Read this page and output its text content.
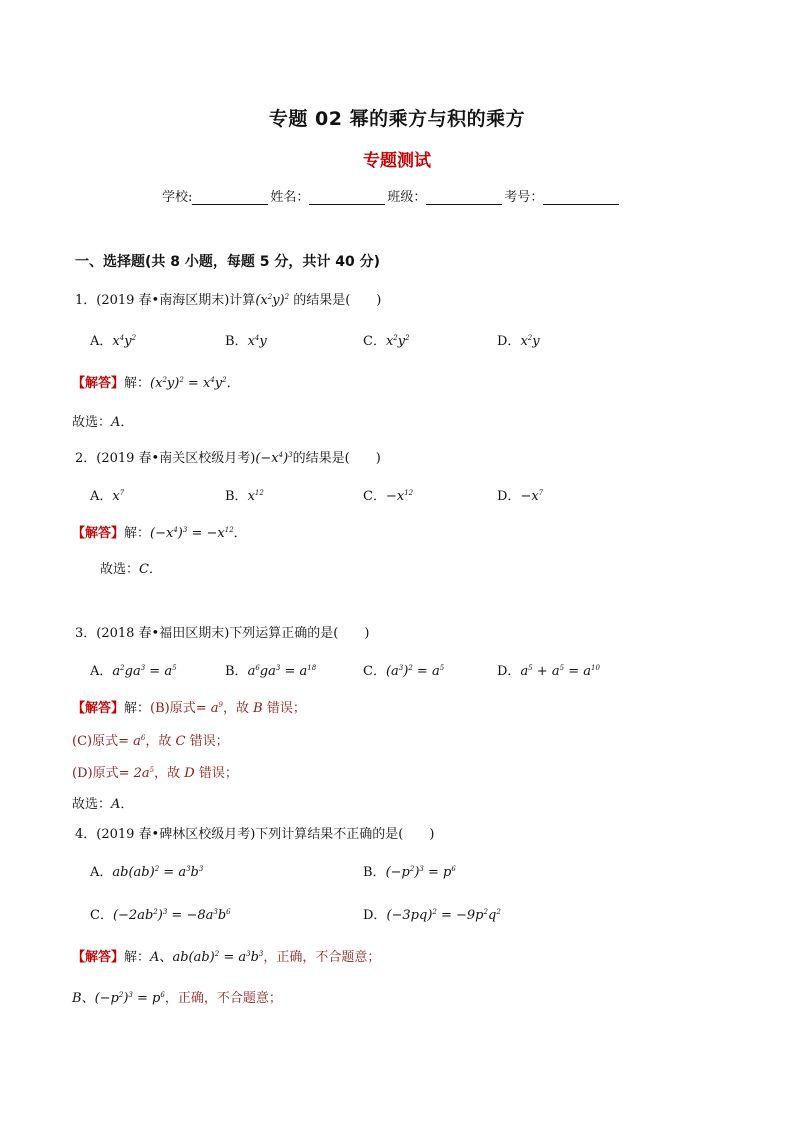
专题 02 幂的乘方与积的乘方
专题测试
学校:	姓名：	班级：	考号：
一、选择题(共 8 小题，每题 5 分，共计 40 分)
1．(2019 春•南海区期末)计算$(x^2y)^2$ 的结果是(　　)
A．$x^4y^2$	B．$x^4y$	C．$x^2y^2$	D．$x^2y$
【解答】解：$(x^2y)^2 = x^4y^2$．
故选：A．
2．(2019 春•南关区校级月考)$(-x^4)^3$的结果是(　　)
A．$x^7$	B．$x^{12}$	C．$-x^{12}$	D．$-x^7$
【解答】解：$(-x^4)^3 = -x^{12}$．
故选：C．
3．(2018 春•福田区期末)下列运算正确的是(　　)
A．$a^2ga^3 = a^5$	B．$a^6ga^3 = a^{18}$	C．$(a^3)^2 = a^5$	D．$a^5 + a^5 = a^{10}$
【解答】解：(B)原式= $a^9$，故 B 错误；
(C)原式= $a^6$，故 C 错误；
(D)原式= $2a^5$，故 D 错误；
故选：A．
4．(2019 春•碑林区校级月考)下列计算结果不正确的是(　　)
A．$ab(ab)^2 = a^3b^3$	B．$(-p^2)^3 = p^6$
C．$(-2ab^2)^3 = -8a^3b^6$	D．$(-3pq)^2 = -9p^2q^2$
【解答】解：A、$ab(ab)^2 = a^3b^3$，正确，不合题意；
B、$(-p^2)^3 = p^6$，正确，不合题意；
